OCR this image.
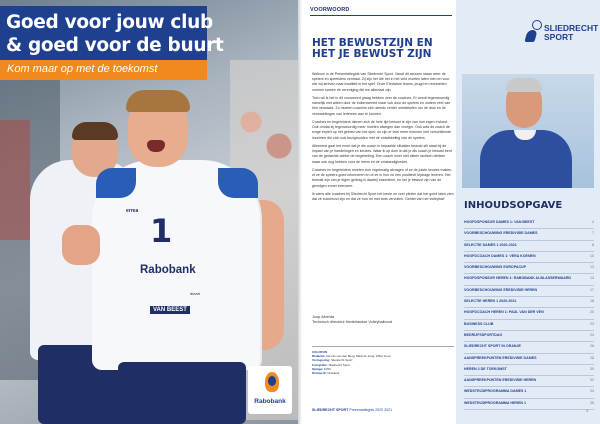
errea
1
Rabobank
dizzel
VAN BEEST
Goed voor jouw club
& goed voor de buurt
Kom maar op met de toekomst
Rabobank
VOORWOORD
HET BEWUSTZIJN EN
HET JE BEWUST ZIJN

Welkom in de Presentatiegids van Sliedrecht Sport. Vanaf dit seizoen staan weer de spelers en speelsters centraal. Zij zijn het die het in het veld moeten laten zien en voor wie wij streven naar kwaliteit in het spel. Onze Eredivisie teams, jeugd en recreanten vormen samen de vereniging die we allemaal zijn.

Toch wil ik het in dit voorwoord graag hebben over de coaches. Er wordt tegenwoordig namelijk niet alleen door de buitenwereld maar ook door de spelers en ouders veel van hen verwacht. Zo moeten coaches zich steeds verder ontwikkelen om de druk en de verwachtingen van iedereen aan te kunnen.

Coaches en begeleiders dienen zich de hele tijd bewust te zijn van hun eigen invloed. Ook omdat zij tegenwoordig meer moeten afwegen dan vroeger. Ook was de coach de enige expert op het gebied van het spel; nu zijn er veel meer mensen met verschillende inzichten die zich ook bezighouden met de ontwikkeling van de spelers.

Allereerst gaat het erom dat je als coach in bepaalde situaties bewust stil staat bij de impact van je handelingen en keuzes. Waar ik op doel is dat je als coach je bewust bent van de gedachte achter de begeleiding. Een coach moet niet alleen tactisch denken maar ook oog hebben voor de mens en de omstandigheden.

Coaches en begeleiders moeten zich regelmatig afvragen of ze de juiste keuzes maken, of ze de spelers goed informeren en of ze in hun rol een positieve bijdrage leveren. Het bewust zijn van je eigen gedrag is daarbij essentieel, en het je bewust zijn van de gevolgen ervan evenzeer.

Ik wens alle coaches bij Sliedrecht Sport het beste en veel plezier dat het goed laten zien dat ze succesvol zijn en dat ze hun rol met trots vervullen. Geniet van het volleybal!

Joop Alberda
Technisch directeur Nederlandse Volleybalbond
COLOFON
Redactie: Dennis van den Berg, Mark de Jong, Wilco Kooy
Vormgeving: Sliedrecht Sport
Fotografie: Sliedrecht Sport
Oplage: 1000
Drukwerk: Drukkerij
SLIEDRECHT SPORT Presentatiegids 2020 2021
SLIEDRECHT
SPORT
INHOUDSOPGAVE
HOOFDSPONSOR DAMES 1: VAN BEEST	4
VOORBESCHOUWING EREDIVISIE DAMES	7
SELECTIE DAMES 1 2020-2021	8
HOOFDCOACH DAMES 1: VERA KOENEN	10
VOORBESCHOUWING EUROPACUP	13
HOOFDSPONSOR HEREN 1: RABOBANK ALBLASSERWAARD	14
VOORBESCHOUWING EREDIVISIE HEREN	17
SELECTIE HEREN 1 2020-2021	18
HOOFDCOACH HEREN 1: PAUL VAN DER VEN	20
BUSINESS CLUB	23
BEDRIJFSSPORTDAG	24
SLIEDRECHT SPORT IN ORANJE	26
AANSPREEKPUNTEN EREDIVISIE DAMES	28
HEREN 2 DE TOEKOMST	30
AANSPREEKPUNTEN EREDIVISIE HEREN	32
WEDSTRIJDPROGRAMMA DAMES 1	34
WEDSTRIJDPROGRAMMA HEREN 1	35
3
